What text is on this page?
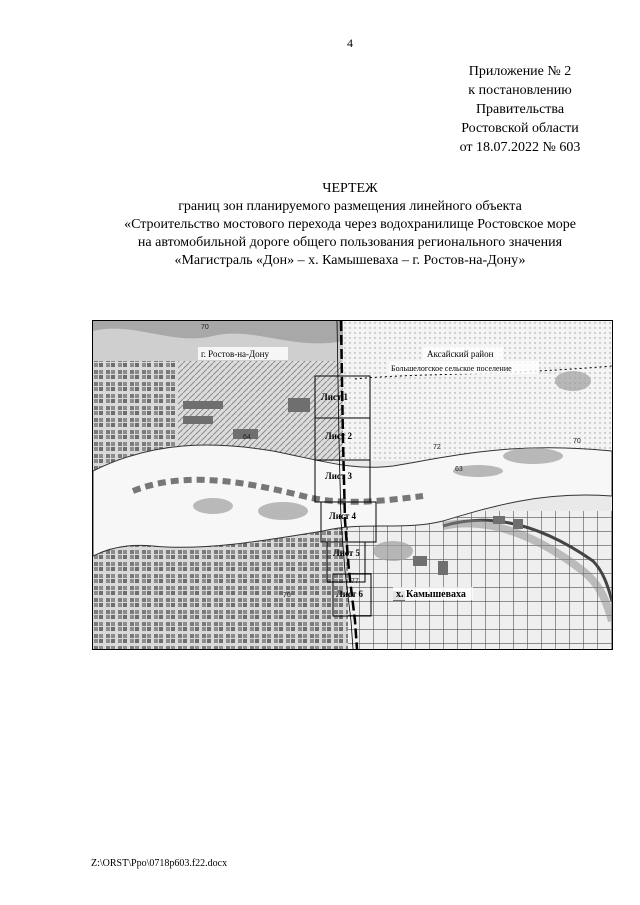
4
Приложение № 2
к постановлению
Правительства
Ростовской области
от 18.07.2022 № 603
ЧЕРТЕЖ
границ зон планируемого размещения линейного объекта
«Строительство мостового перехода через водохранилище Ростовское море
на автомобильной дороге общего пользования регионального значения
«Магистраль «Дон» – х. Камышеваха – г. Ростов-на-Дону»
г. Ростов-на-Дону	Аксайский район
Большелогское сельское поселение
х. Камышеваха
Лист 1
Лист 2
Лист 3
Лист 4
Лист 5
Лист 6
70
64
72
70
63
70
77
Z:\ORST\Ppo\0718p603.f22.docx
